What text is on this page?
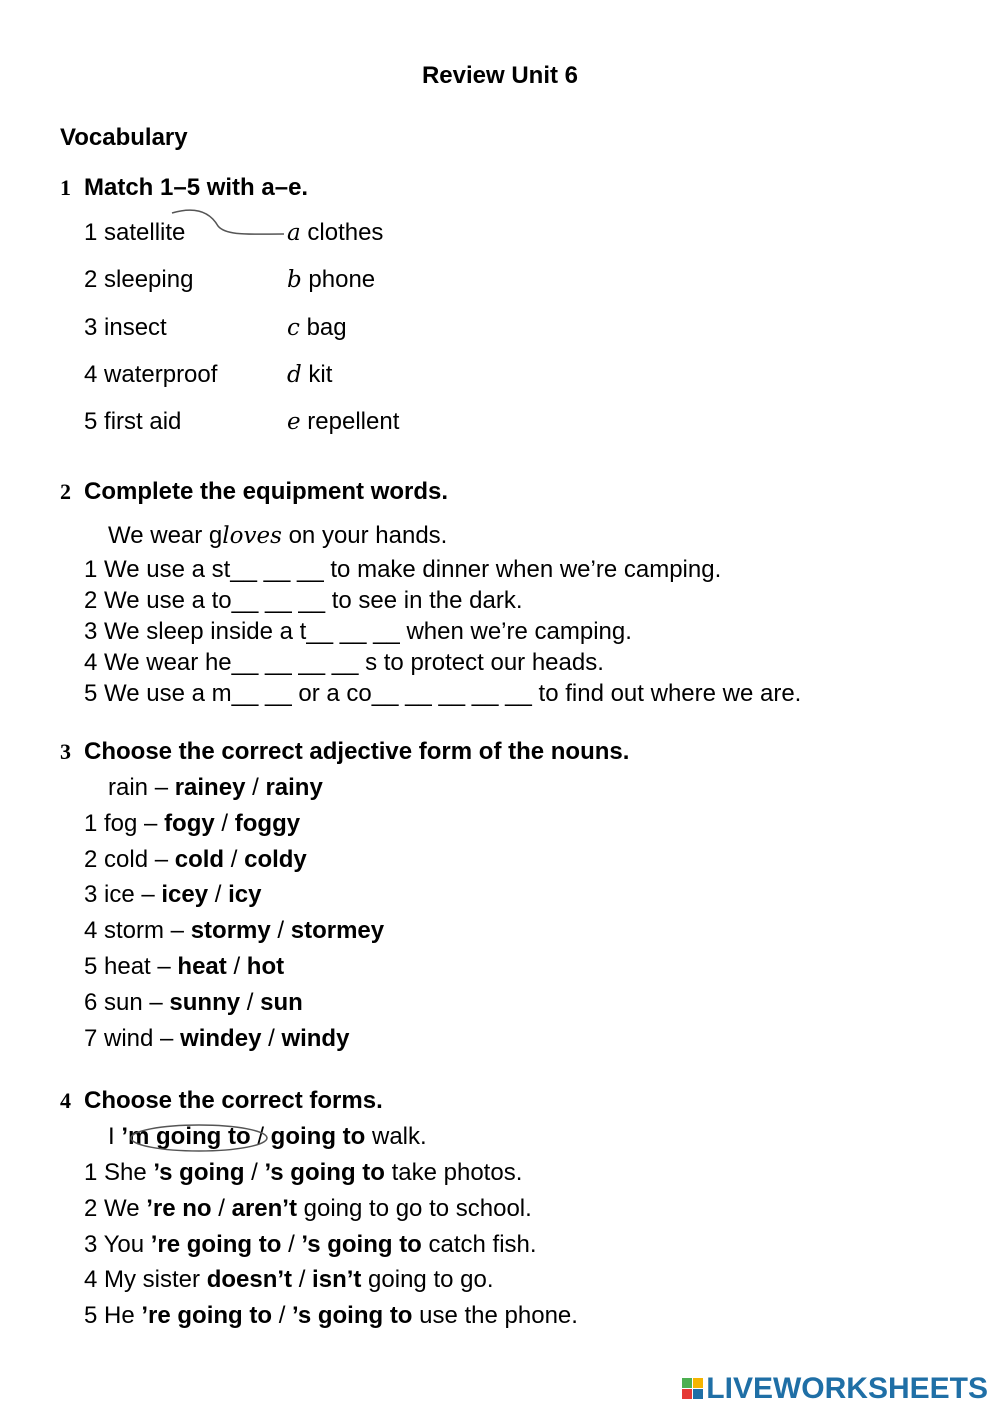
Review Unit 6
Vocabulary
1 Match 1–5 with a–e.
1 satellite
2 sleeping
3 insect
4 waterproof
5 first aid
a clothes
b phone
c bag
d kit
e repellent
2 Complete the equipment words.
We wear gloves on your hands.
1 We use a st__ __ __ to make dinner when we’re camping.
2 We use a to__ __ __ to see in the dark.
3 We sleep inside a t__ __ __ when we’re camping.
4 We wear he__ __ __ __ s to protect our heads.
5 We use a m__ __ or a co__ __ __ __ __ to find out where we are.
3 Choose the correct adjective form of the nouns.
rain – rainey / rainy
1 fog – fogy / foggy
2 cold – cold / coldy
3 ice – icey / icy
4 storm – stormy / stormey
5 heat – heat / hot
6 sun – sunny / sun
7 wind – windey / windy
4 Choose the correct forms.
I ’m going to / going to walk.
1 She ’s going / ’s going to take photos.
2 We ’re no / aren’t going to go to school.
3 You ’re going to / ’s going to catch fish.
4 My sister doesn’t / isn’t going to go.
5 He ’re going to / ’s going to use the phone.
LIVEWORKSHEETS
